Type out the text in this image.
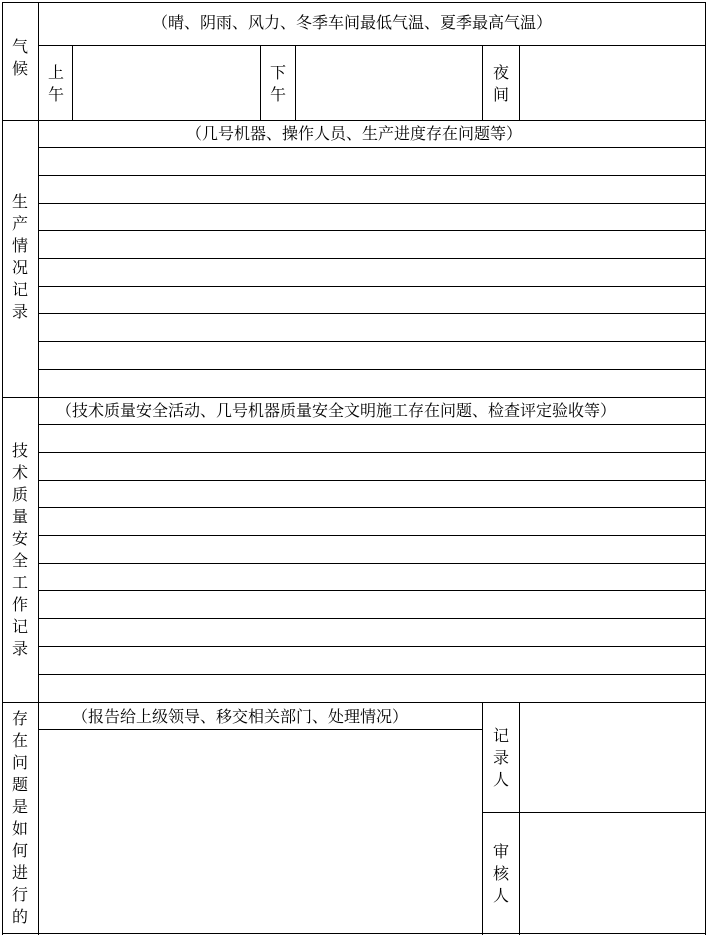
气候
（晴、阴雨、风力、冬季车间最低气温、夏季最高气温）
上午
下午
夜间
生产情况记录
（几号机器、操作人员、生产进度存在问题等）
技术质量安全工作记录
（技术质量安全活动、几号机器质量安全文明施工存在问题、检查评定验收等）
存在问题是如何进行的
（报告给上级领导、移交相关部门、处理情况）
记录人
审核人
